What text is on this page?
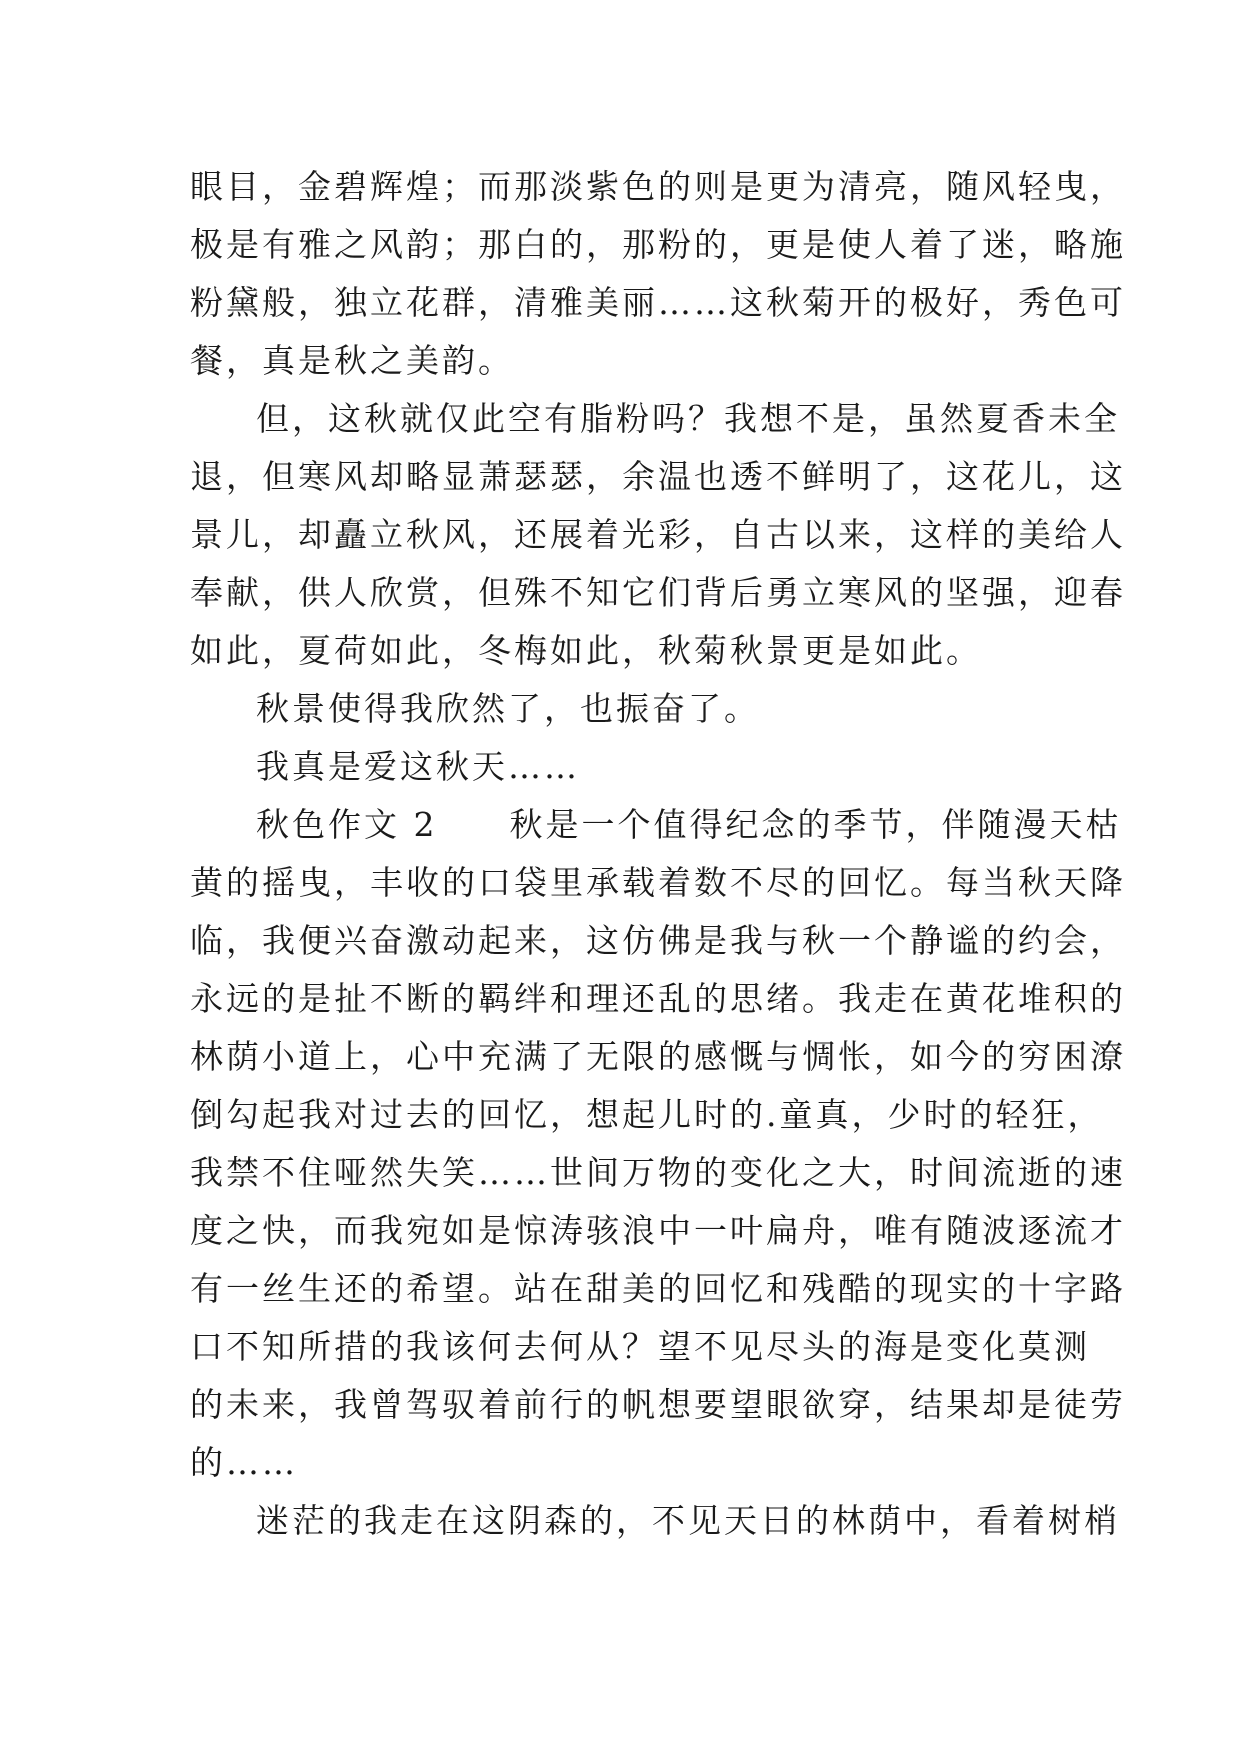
眼目，金碧辉煌；而那淡紫色的则是更为清亮，随风轻曳，
极是有雅之风韵；那白的，那粉的，更是使人着了迷，略施
粉黛般，独立花群，清雅美丽……这秋菊开的极好，秀色可
餐，真是秋之美韵。
但，这秋就仅此空有脂粉吗？我想不是，虽然夏香未全
退，但寒风却略显萧瑟瑟，余温也透不鲜明了，这花儿，这
景儿，却矗立秋风，还展着光彩，自古以来，这样的美给人
奉献，供人欣赏，但殊不知它们背后勇立寒风的坚强，迎春
如此，夏荷如此，冬梅如此，秋菊秋景更是如此。
秋景使得我欣然了，也振奋了。
我真是爱这秋天……
秋色作文 2　　秋是一个值得纪念的季节，伴随漫天枯
黄的摇曳，丰收的口袋里承载着数不尽的回忆。每当秋天降
临，我便兴奋激动起来，这仿佛是我与秋一个静谧的约会，
永远的是扯不断的羁绊和理还乱的思绪。我走在黄花堆积的
林荫小道上，心中充满了无限的感慨与惆怅，如今的穷困潦
倒勾起我对过去的回忆，想起儿时的.童真，少时的轻狂，
我禁不住哑然失笑……世间万物的变化之大，时间流逝的速
度之快，而我宛如是惊涛骇浪中一叶扁舟，唯有随波逐流才
有一丝生还的希望。站在甜美的回忆和残酷的现实的十字路
口不知所措的我该何去何从？望不见尽头的海是变化莫测
的未来，我曾驾驭着前行的帆想要望眼欲穿，结果却是徒劳
的……
迷茫的我走在这阴森的，不见天日的林荫中，看着树梢
